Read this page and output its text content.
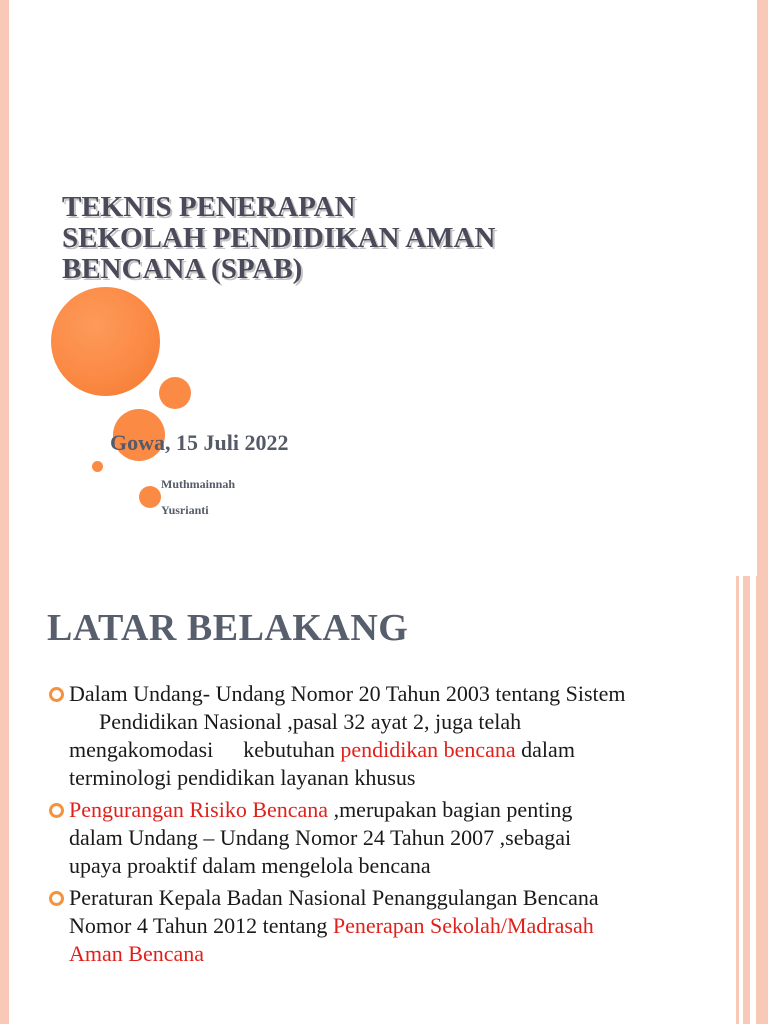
TEKNIS PENERAPAN
SEKOLAH PENDIDIKAN AMAN
BENCANA (SPAB)

Gowa, 15 Juli 2022

Muthmainnah

Yusrianti

LATAR BELAKANG
Dalam Undang- Undang Nomor 20 Tahun 2003 tentang Sistem
Pendidikan Nasional ,pasal 32 ayat 2, juga telah
mengakomodasi kebutuhan pendidikan bencana dalam
terminologi pendidikan layanan khusus
Pengurangan Risiko Bencana ,merupakan bagian penting
dalam Undang – Undang Nomor 24 Tahun 2007 ,sebagai
upaya proaktif dalam mengelola bencana
Peraturan Kepala Badan Nasional Penanggulangan Bencana
Nomor 4 Tahun 2012 tentang Penerapan Sekolah/Madrasah
Aman Bencana
